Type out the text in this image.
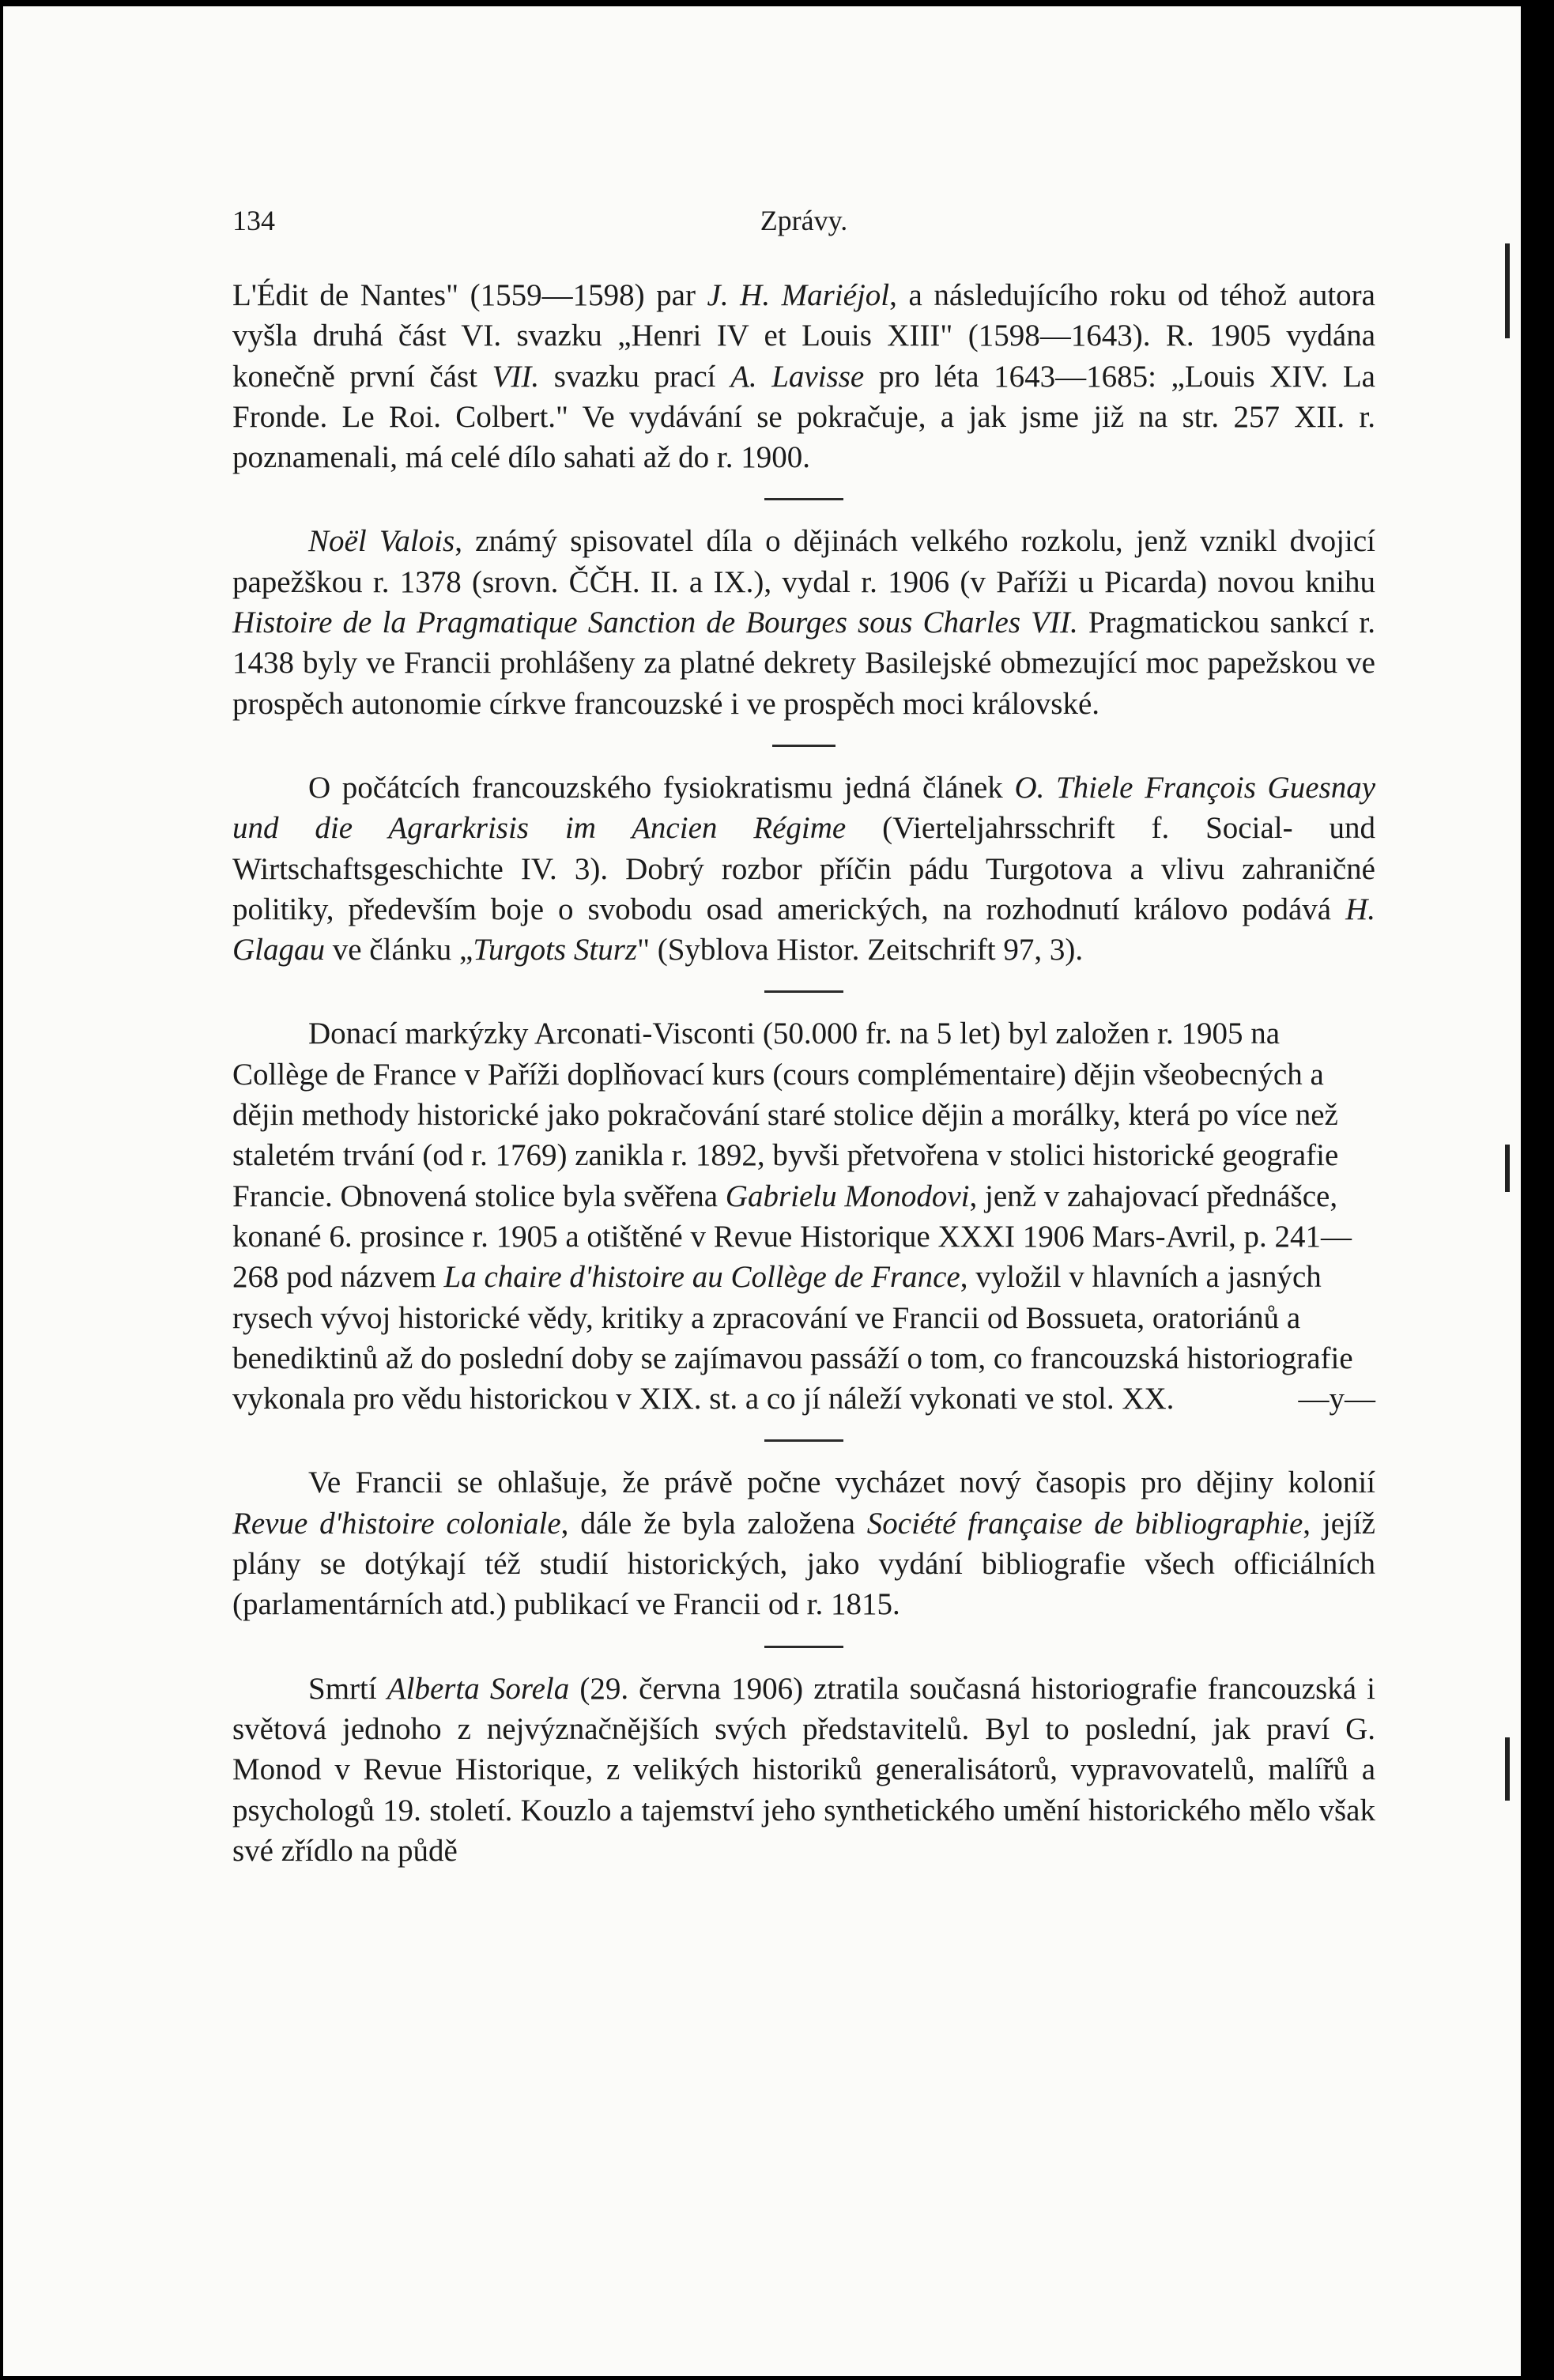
134	Zprávy.

L'Édit de Nantes" (1559—1598) par J. H. Mariéjol, a následujícího roku od téhož autora vyšla druhá část VI. svazku „Henri IV et Louis XIII" (1598—1643). R. 1905 vydána konečně první část VII. svazku prací A. Lavisse pro léta 1643—1685: „Louis XIV. La Fronde. Le Roi. Colbert." Ve vydávání se pokračuje, a jak jsme již na str. 257 XII. r. poznamenali, má celé dílo sahati až do r. 1900.

Noël Valois, známý spisovatel díla o dějinách velkého rozkolu, jenž vznikl dvojicí papežškou r. 1378 (srovn. ČČH. II. a IX.), vydal r. 1906 (v Paříži u Picarda) novou knihu Histoire de la Pragmatique Sanction de Bourges sous Charles VII. Pragmatickou sankcí r. 1438 byly ve Francii prohlášeny za platné dekrety Basilejské obmezující moc papežskou ve prospěch autonomie církve francouzské i ve prospěch moci královské.

O počátcích francouzského fysiokratismu jedná článek O. Thiele François Guesnay und die Agrarkrisis im Ancien Régime (Vierteljahrsschrift f. Social- und Wirtschaftsgeschichte IV. 3). Dobrý rozbor příčin pádu Turgotova a vlivu zahraničné politiky, především boje o svobodu osad amerických, na rozhodnutí královo podává H. Glagau ve článku „Turgots Sturz" (Syblova Histor. Zeitschrift 97, 3).

Donací markýzky Arconati-Visconti (50.000 fr. na 5 let) byl založen r. 1905 na Collège de France v Paříži doplňovací kurs (cours complémentaire) dějin všeobecných a dějin methody historické jako pokračování staré stolice dějin a morálky, která po více než staletém trvání (od r. 1769) zanikla r. 1892, byvši přetvořena v stolici historické geografie Francie. Obnovená stolice byla svěřena Gabrielu Monodovi, jenž v zahajovací přednášce, konané 6. prosince r. 1905 a otištěné v Revue Historique XXXI 1906 Mars-Avril, p. 241—268 pod názvem La chaire d'histoire au Collège de France, vyložil v hlavních a jasných rysech vývoj historické vědy, kritiky a zpracování ve Francii od Bossueta, oratoriánů a benediktinů až do poslední doby se zajímavou passáží o tom, co francouzská historiografie vykonala pro vědu historickou v XIX. st. a co jí náleží vykonati ve stol. XX.	—y—

Ve Francii se ohlašuje, že právě počne vycházet nový časopis pro dějiny kolonií Revue d'histoire coloniale, dále že byla založena Société française de bibliographie, jejíž plány se dotýkají též studií historických, jako vydání bibliografie všech officiálních (parlamentárních atd.) publikací ve Francii od r. 1815.

Smrtí Alberta Sorela (29. června 1906) ztratila současná historiografie francouzská i světová jednoho z nejvýznačnějších svých představitelů. Byl to poslední, jak praví G. Monod v Revue Historique, z velikých historiků generalisátorů, vypravovatelů, malířů a psychologů 19. století. Kouzlo a tajemství jeho synthetického umění historického mělo však své zřídlo na půdě
